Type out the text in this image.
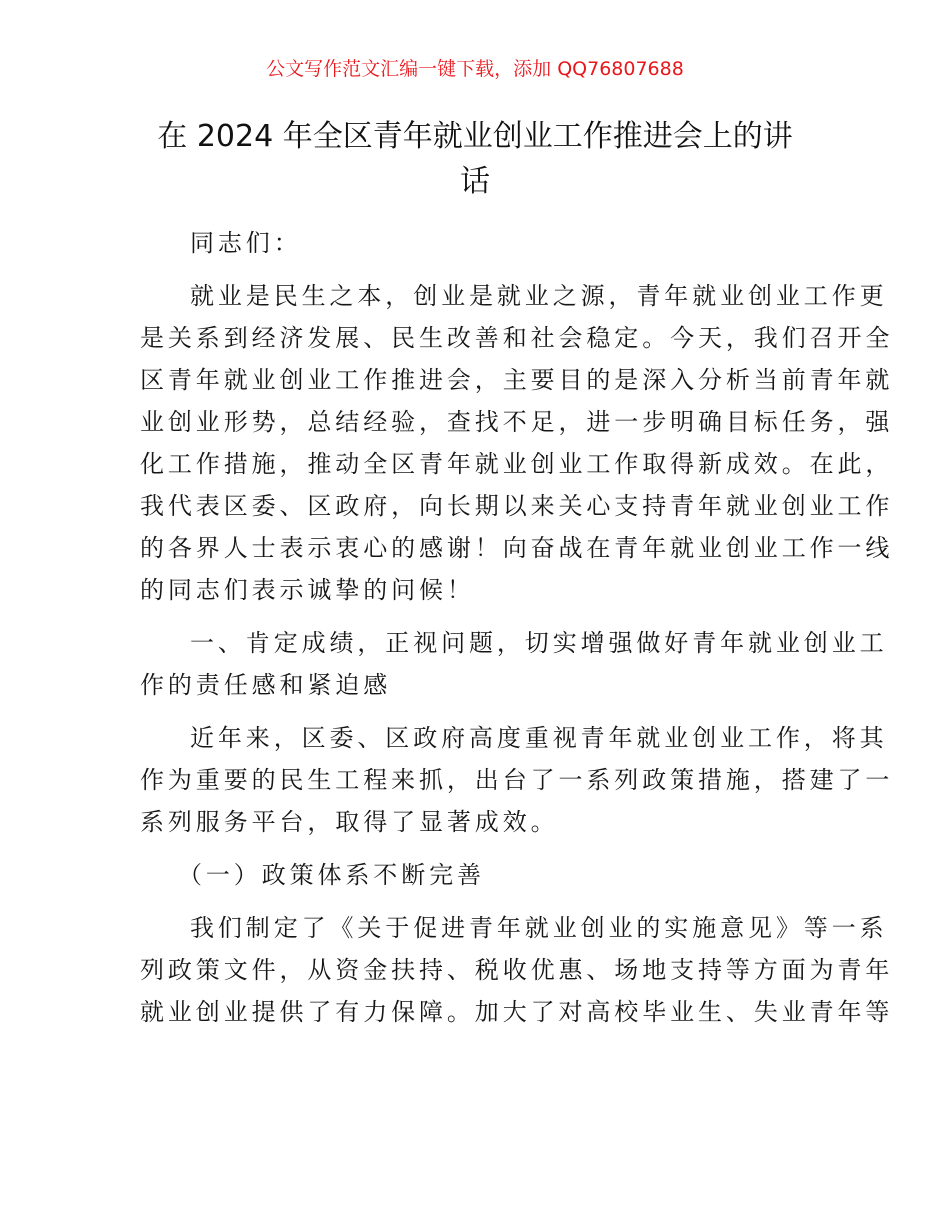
公文写作范文汇编一键下载，添加 QQ76807688
在 2024 年全区青年就业创业工作推进会上的讲
话
同志们：
就业是民生之本，创业是就业之源，青年就业创业工作更
是关系到经济发展、民生改善和社会稳定。今天，我们召开全
区青年就业创业工作推进会，主要目的是深入分析当前青年就
业创业形势，总结经验，查找不足，进一步明确目标任务，强
化工作措施，推动全区青年就业创业工作取得新成效。在此，
我代表区委、区政府，向长期以来关心支持青年就业创业工作
的各界人士表示衷心的感谢！向奋战在青年就业创业工作一线
的同志们表示诚挚的问候！
一、肯定成绩，正视问题，切实增强做好青年就业创业工
作的责任感和紧迫感
近年来，区委、区政府高度重视青年就业创业工作，将其
作为重要的民生工程来抓，出台了一系列政策措施，搭建了一
系列服务平台，取得了显著成效。
（一）政策体系不断完善
我们制定了《关于促进青年就业创业的实施意见》等一系
列政策文件，从资金扶持、税收优惠、场地支持等方面为青年
就业创业提供了有力保障。加大了对高校毕业生、失业青年等
